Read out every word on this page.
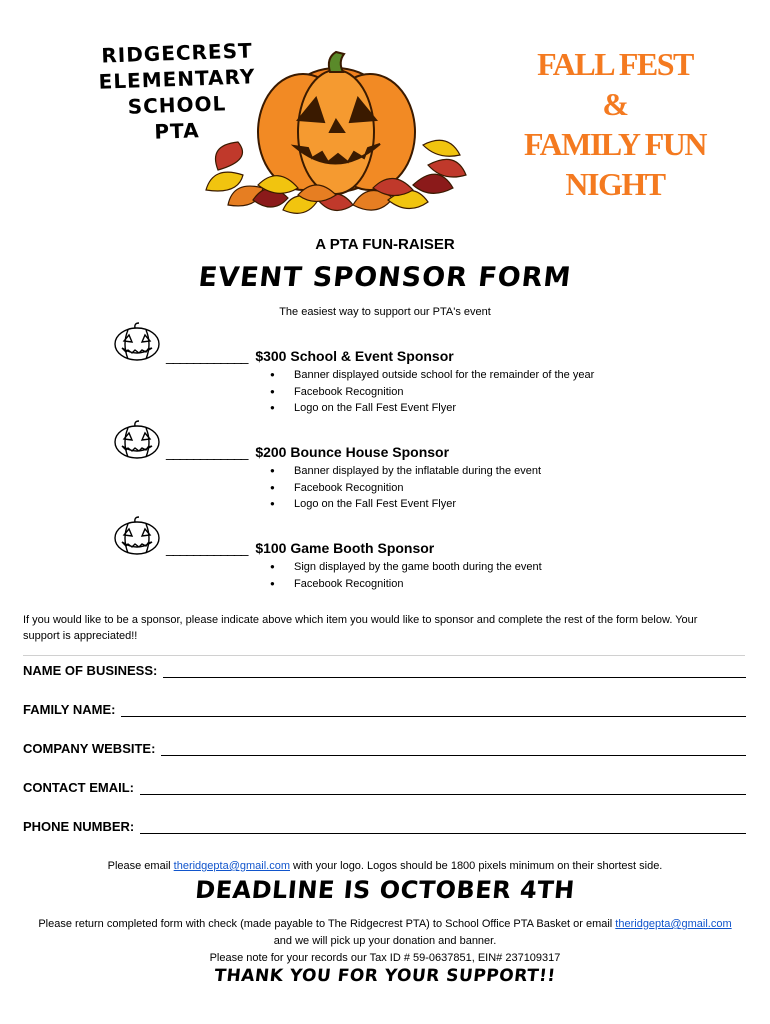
RIDGECREST
ELEMENTARY
SCHOOL
PTA
FALL FEST
&
FAMILY FUN NIGHT
A PTA FUN-RAISER
EVENT SPONSOR FORM
The easiest way to support our PTA's event
____________ $300 School & Event Sponsor
● Banner displayed outside school for the remainder of the year
● Facebook Recognition
● Logo on the Fall Fest Event Flyer
____________ $200 Bounce House Sponsor
● Banner displayed by the inflatable during the event
● Facebook Recognition
● Logo on the Fall Fest Event Flyer
____________ $100 Game Booth Sponsor
● Sign displayed by the game booth during the event
● Facebook Recognition
If you would like to be a sponsor, please indicate above which item you would like to sponsor and complete the rest of the form below. Your support is appreciated!!
NAME OF BUSINESS:
FAMILY NAME:
COMPANY WEBSITE:
CONTACT EMAIL:
PHONE NUMBER:
Please email theridgepta@gmail.com with your logo. Logos should be 1800 pixels minimum on their shortest side.
DEADLINE IS OCTOBER 4TH
Please return completed form with check (made payable to The Ridgecrest PTA) to School Office PTA Basket or email theridgepta@gmail.com
and we will pick up your donation and banner.
Please note for your records our Tax ID # 59-0637851, EIN# 237109317
THANK YOU FOR YOUR SUPPORT!!
